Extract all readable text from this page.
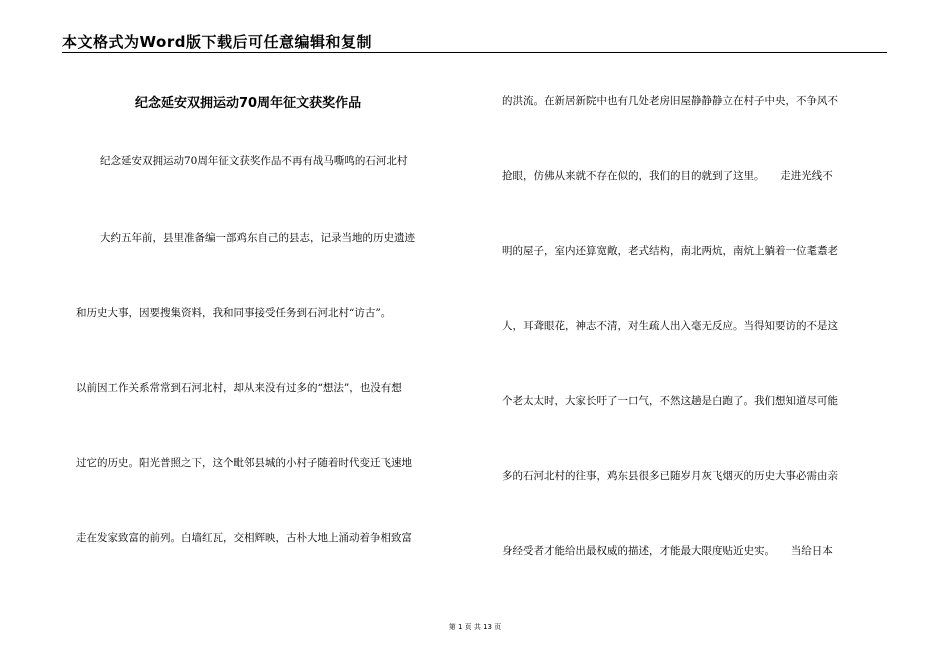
本文格式为Word版下载后可任意编辑和复制
纪念延安双拥运动70周年征文获奖作品
纪念延安双拥运动70周年征文获奖作品不再有战马嘶鸣的石河北村
大约五年前，县里准备编一部鸡东自己的县志，记录当地的历史遗迹
和历史大事，因要搜集资料，我和同事接受任务到石河北村“访古”。
以前因工作关系常常到石河北村，却从来没有过多的“想法”，也没有想
过它的历史。阳光普照之下，这个毗邻县城的小村子随着时代变迁飞速地
走在发家致富的前列。白墙红瓦，交相辉映，古朴大地上涌动着争相致富
的洪流。在新居新院中也有几处老房旧屋静静静立在村子中央，不争风不
抢眼，仿佛从来就不存在似的，我们的目的就到了这里。　　走进光线不
明的屋子，室内还算宽敞，老式结构，南北两炕，南炕上躺着一位耄耋老
人，耳聋眼花，神志不清，对生疏人出入毫无反应。当得知要访的不是这
个老太太时，大家长吁了一口气，不然这趟是白跑了。我们想知道尽可能
多的石河北村的往事，鸡东县很多已随岁月灰飞烟灭的历史大事必需由亲
身经受者才能给出最权威的描述，才能最大限度贴近史实。　　当给日本
第 1 页 共 13 页
